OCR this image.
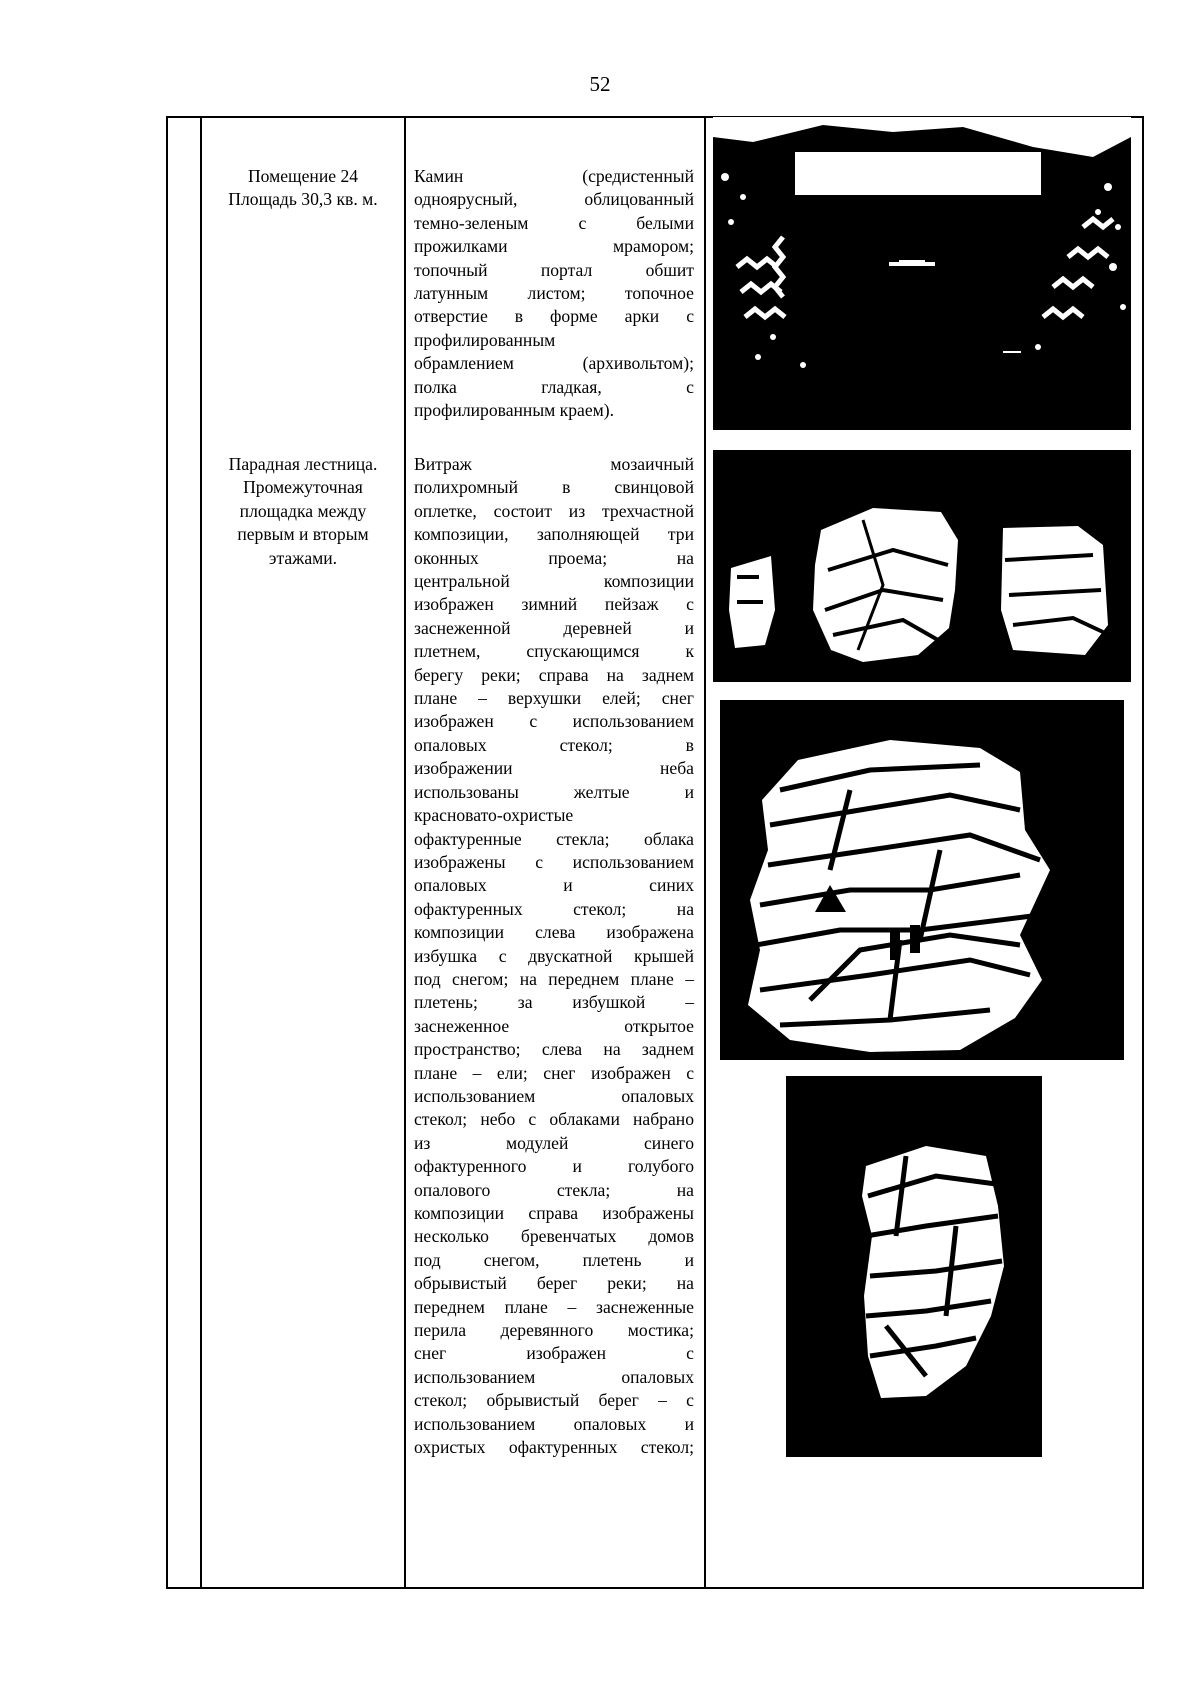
52
Помещение 24
Площадь 30,3 кв. м.
Камин (средистенный
одноярусный, облицованный
темно-зеленым с белыми
прожилками мрамором;
топочный портал обшит
латунным листом; топочное
отверстие в форме арки с
профилированным
обрамлением (архивольтом);
полка гладкая, с
профилированным краем).
Парадная лестница.
Промежуточная
площадка между
первым и вторым
этажами.
Витраж мозаичный
полихромный в свинцовой
оплетке, состоит из трехчастной
композиции, заполняющей три
оконных проема; на
центральной композиции
изображен зимний пейзаж с
заснеженной деревней и
плетнем, спускающимся к
берегу реки; справа на заднем
плане – верхушки елей; снег
изображен с использованием
опаловых стекол; в
изображении неба
использованы желтые и
красновато-охристые
офактуренные стекла; облака
изображены с использованием
опаловых и синих
офактуренных стекол; на
композиции слева изображена
избушка с двускатной крышей
под снегом; на переднем плане –
плетень; за избушкой –
заснеженное открытое
пространство; слева на заднем
плане – ели; снег изображен с
использованием опаловых
стекол; небо с облаками набрано
из модулей синего
офактуренного и голубого
опалового стекла; на
композиции справа изображены
несколько бревенчатых домов
под снегом, плетень и
обрывистый берег реки; на
переднем плане – заснеженные
перила деревянного мостика;
снег изображен с
использованием опаловых
стекол; обрывистый берег – с
использованием опаловых и
охристых офактуренных стекол;
